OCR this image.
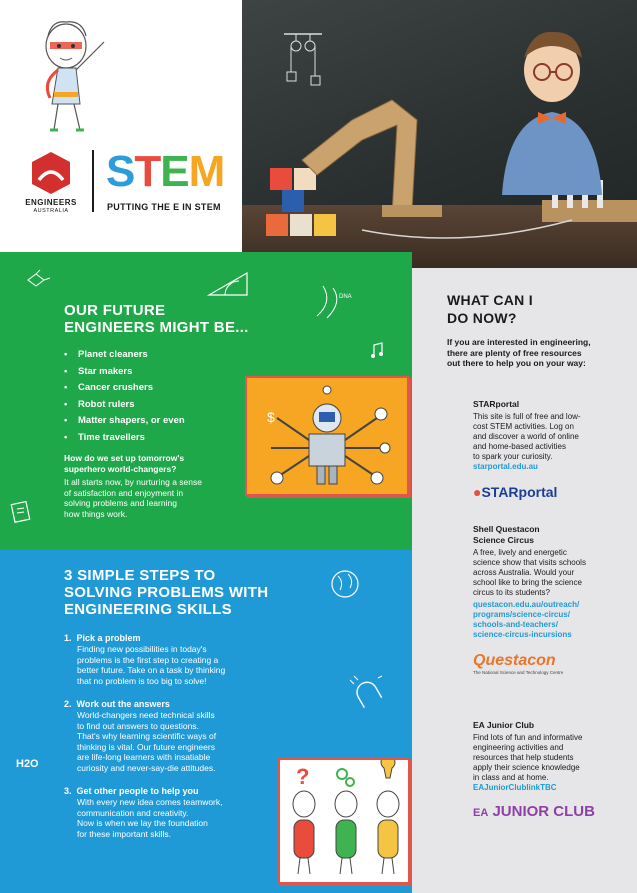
ENGINEERS
AUSTRALIA
STEM
PUTTING THE E IN STEM
OUR FUTURE
ENGINEERS MIGHT BE...
• Planet cleaners
• Star makers
• Cancer crushers
• Robot rulers
• Matter shapers, or even
• Time travellers
How do we set up tomorrow's
superhero world-changers?
It all starts now, by nurturing a sense
of satisfaction and enjoyment in
solving problems and learning
how things work.
DNA
$
3 SIMPLE STEPS TO
SOLVING PROBLEMS WITH
ENGINEERING SKILLS
1. Pick a problem
Finding new possibilities in today's
problems is the first step to creating a
better future. Take on a task by thinking
that no problem is too big to solve!
2. Work out the answers
World-changers need technical skills
to find out answers to questions.
That's why learning scientific ways of
thinking is vital. Our future engineers
are life-long learners with insatiable
curiosity and never-say-die attitudes.
3. Get other people to help you
With every new idea comes teamwork,
communication and creativity.
Now is when we lay the foundation
for these important skills.
H2O	?
WHAT CAN I
DO NOW?
If you are interested in engineering,
there are plenty of free resources
out there to help you on your way:
STARportal
This site is full of free and low-
cost STEM activities. Log on
and discover a world of online
and home-based activities
to spark your curiosity.
starportal.edu.au
●STARportal
Shell Questacon
Science Circus
A free, lively and energetic
science show that visits schools
across Australia. Would your
school like to bring the science
circus to its students?
questacon.edu.au/outreach/
programs/science-circus/
schools-and-teachers/
science-circus-incursions
Questacon
The National Science and Technology Centre
EA Junior Club
Find lots of fun and informative
engineering activities and
resources that help students
apply their science knowledge
in class and at home.
EAJuniorClublinkTBC
EA JUNIOR CLUB
